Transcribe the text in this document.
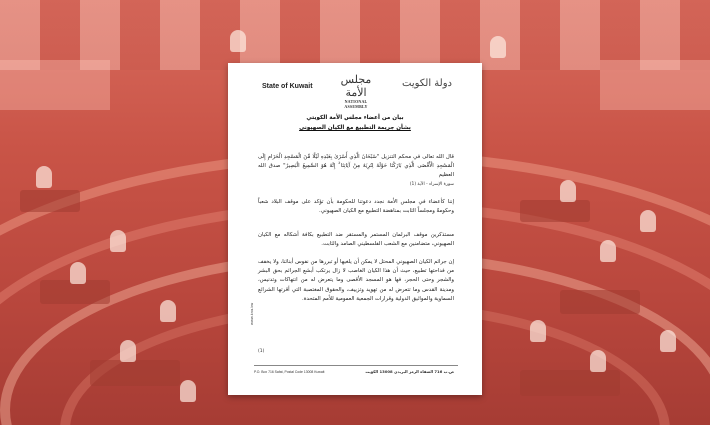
State of Kuwait
مجلس الأمة
NATIONAL ASSEMBLY
دولة الكويت
بيان من أعضاء مجلس الأمة الكويتي
بشأن جريمة التطبيع مع الكيان الصهيوني
قال الله تعالى في محكم التنزيل "سُبْحَانَ الَّذِي أَسْرَىٰ بِعَبْدِهِ لَيْلًا مِّنَ الْمَسْجِدِ الْحَرَامِ إِلَى الْمَسْجِدِ الْأَقْصَى الَّذِي بَارَكْنَا حَوْلَهُ لِنُرِيَهُ مِنْ آيَاتِنَا ۚ إِنَّهُ هُوَ السَّمِيعُ الْبَصِيرُ" صدق الله العظيم
سورة الإسراء - الآية (1)
إننا كأعضاء في مجلس الأمة نجدد دعوتنا للحكومة بأن تؤكد على موقف البلاد شعباً وحكومةً ومجلساً الثابت بمناهضة التطبيع مع الكيان الصهيوني.
مستذكرين موقف البرلمان المستمر والمستقر ضد التطبيع بكافة أشكاله مع الكيان الصهيوني، متضامنين مع الشعب الفلسطيني الصامد والثابت.
إن جرائم الكيان الصهيوني المحتل لا يمكن أن يلغيها أو تبررها من نفوس أبنائنا، ولا يخفف من فداحتها تطبيع، حيث أن هذا الكيان الغاصب لا زال يرتكب أبشع الجرائم بحق البشر والشجر وحتى الحجر، فها هو المسجد الأقصى وما يتعرض له من انتهاكات وتدنيس، ومدينة القدس وما تتعرض له من تهويد وتزييف، والحقوق المغتصبة التي أقرتها الشرائع السماوية والمواثيق الدولية وقرارات الجمعية العمومية للأمم المتحدة.
(1)
www.kna.kw
P.O. Box 716 Safat, Postal Code 13008 Kuwait	ص.ب 716 الصفاة الرمز البريدي 13008 الكويت
